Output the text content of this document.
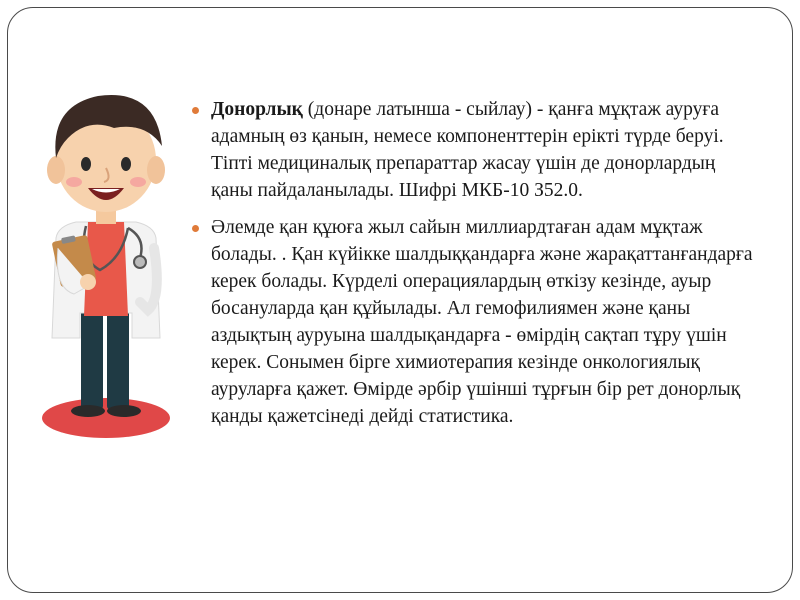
Донорлық (донаре латынша - сыйлау) - қанға мұқтаж ауруға адамның өз қанын, немесе компоненттерін ерікті түрде беруі. Тіпті медициналық препараттар жасау үшін де донорлардың қаны пайдаланылады. Шифрі МКБ-10 З52.0.
Әлемде қан құюға жыл сайын миллиардтаған адам мұқтаж болады. . Қан күйікке шалдыққандарға және жарақаттанғандарға керек болады. Күрделі операциялардың өткізу кезінде, ауыр босануларда қан құйылады. Ал гемофилиямен және қаны аздықтың ауруына шалдықандарға - өмірдің сақтап тұру үшін керек. Сонымен бірге химиотерапия кезінде онкологиялық ауруларға қажет. Өмірде әрбір үшінші тұрғын бір рет донорлық қанды қажетсінеді дейді статистика.
